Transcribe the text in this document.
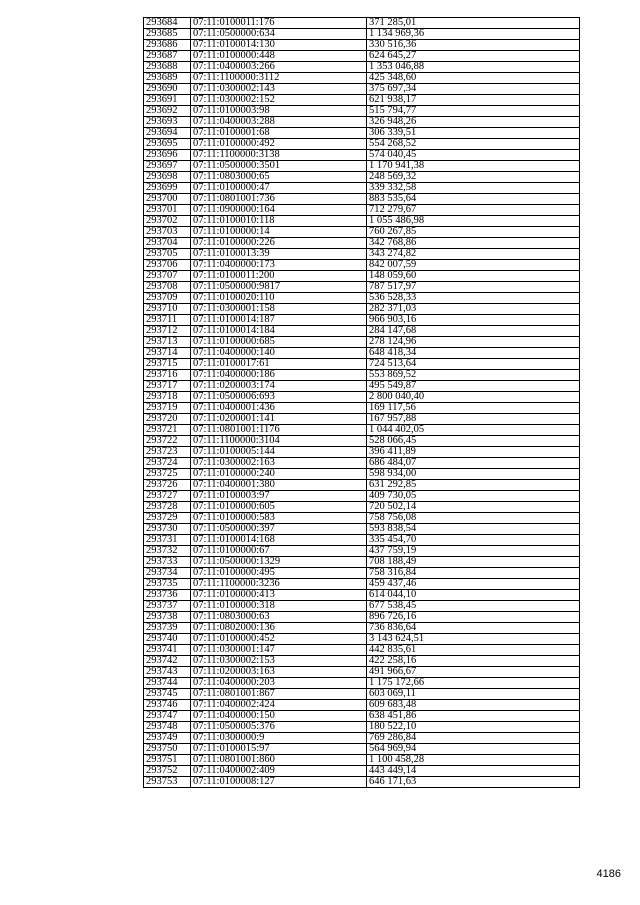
293684	07:11:0100011:176	371 285,01
293685	07:11:0500000:634	1 134 969,36
293686	07:11:0100014:130	330 516,36
293687	07:11:0100000:448	624 645,27
293688	07:11:0400003:266	1 353 046,88
293689	07:11:1100000:3112	425 348,60
293690	07:11:0300002:143	375 697,34
293691	07:11:0300002:152	621 938,17
293692	07:11:0100003:98	515 794,77
293693	07:11:0400003:288	326 948,26
293694	07:11:0100001:68	306 339,51
293695	07:11:0100000:492	554 268,52
293696	07:11:1100000:3138	574 040,45
293697	07:11:0500000:3501	1 170 941,38
293698	07:11:0803000:65	248 569,32
293699	07:11:0100000:47	339 332,58
293700	07:11:0801001:736	883 535,64
293701	07:11:0900000:164	712 279,67
293702	07:11:0100010:118	1 055 486,98
293703	07:11:0100000:14	760 267,85
293704	07:11:0100000:226	342 768,86
293705	07:11:0100013:39	343 274,82
293706	07:11:0400000:173	842 007,59
293707	07:11:0100011:200	148 059,60
293708	07:11:0500000:9817	787 517,97
293709	07:11:0100020:110	536 528,33
293710	07:11:0300001:158	282 371,03
293711	07:11:0100014:187	966 903,16
293712	07:11:0100014:184	284 147,68
293713	07:11:0100000:685	278 124,96
293714	07:11:0400000:140	648 418,34
293715	07:11:0100017:61	724 513,64
293716	07:11:0400000:186	553 869,52
293717	07:11:0200003:174	495 549,87
293718	07:11:0500006:693	2 800 040,40
293719	07:11:0400001:436	169 117,56
293720	07:11:0200001:141	167 957,88
293721	07:11:0801001:1176	1 044 402,05
293722	07:11:1100000:3104	528 066,45
293723	07:11:0100005:144	396 411,89
293724	07:11:0300002:163	686 484,07
293725	07:11:0100000:240	598 934,00
293726	07:11:0400001:380	631 292,85
293727	07:11:0100003:97	409 730,05
293728	07:11:0100000:605	720 502,14
293729	07:11:0100000:583	758 756,08
293730	07:11:0500000:397	593 838,54
293731	07:11:0100014:168	335 454,70
293732	07:11:0100000:67	437 759,19
293733	07:11:0500000:1329	708 188,49
293734	07:11:0100000:495	758 316,84
293735	07:11:1100000:3236	459 437,46
293736	07:11:0100000:413	614 044,10
293737	07:11:0100000:318	677 538,45
293738	07:11:0803000:63	896 726,16
293739	07:11:0802000:136	736 836,64
293740	07:11:0100000:452	3 143 624,51
293741	07:11:0300001:147	442 835,61
293742	07:11:0300002:153	422 258,16
293743	07:11:0200003:163	491 966,67
293744	07:11:0400000:203	1 175 172,66
293745	07:11:0801001:867	603 069,11
293746	07:11:0400002:424	609 683,48
293747	07:11:0400000:150	638 451,86
293748	07:11:0500005:376	180 522,10
293749	07:11:0300000:9	769 286,84
293750	07:11:0100015:97	564 969,94
293751	07:11:0801001:860	1 100 458,28
293752	07:11:0400002:409	443 449,14
293753	07:11:0100008:127	646 171,63
4186
